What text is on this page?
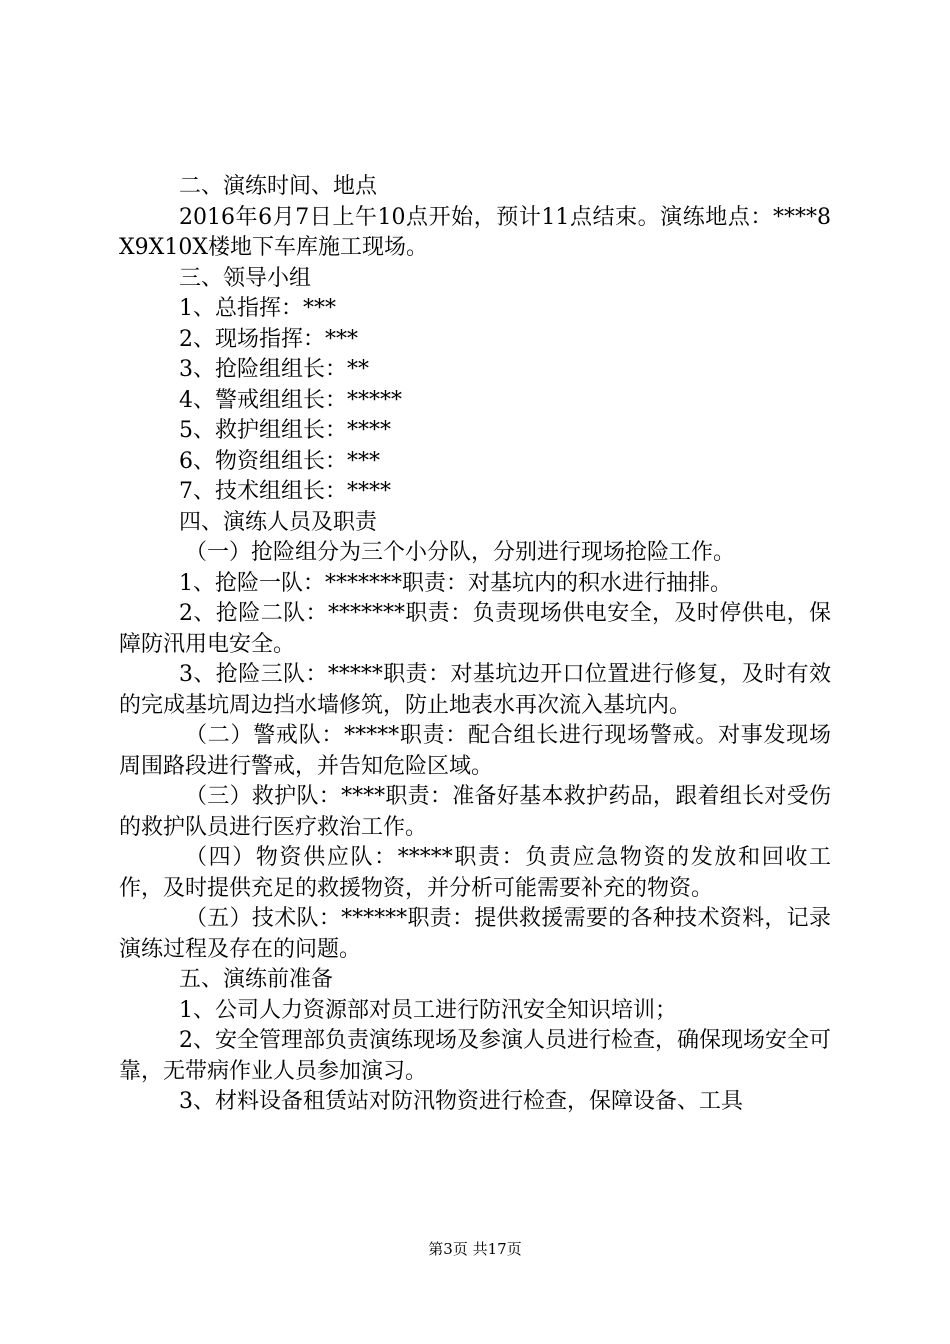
二、演练时间、地点

2016年6月7日上午10点开始，预计11点结束。演练地点：****8X9X10X楼地下车库施工现场。

三、领导小组

1、总指挥：***

2、现场指挥：***

3、抢险组组长：**

4、警戒组组长：*****

5、救护组组长：****

6、物资组组长：***

7、技术组组长：****

四、演练人员及职责

（一）抢险组分为三个小分队，分别进行现场抢险工作。

1、抢险一队：*******职责：对基坑内的积水进行抽排。

2、抢险二队：*******职责：负责现场供电安全，及时停供电，保障防汛用电安全。

3、抢险三队：*****职责：对基坑边开口位置进行修复，及时有效的完成基坑周边挡水墙修筑，防止地表水再次流入基坑内。

（二）警戒队：*****职责：配合组长进行现场警戒。对事发现场周围路段进行警戒，并告知危险区域。

（三）救护队：****职责：准备好基本救护药品，跟着组长对受伤的救护队员进行医疗救治工作。

（四）物资供应队：*****职责：负责应急物资的发放和回收工作，及时提供充足的救援物资，并分析可能需要补充的物资。

（五）技术队：******职责：提供救援需要的各种技术资料，记录演练过程及存在的问题。

五、演练前准备

1、公司人力资源部对员工进行防汛安全知识培训；

2、安全管理部负责演练现场及参演人员进行检查，确保现场安全可靠，无带病作业人员参加演习。

3、材料设备租赁站对防汛物资进行检查，保障设备、工具

第3页 共17页
